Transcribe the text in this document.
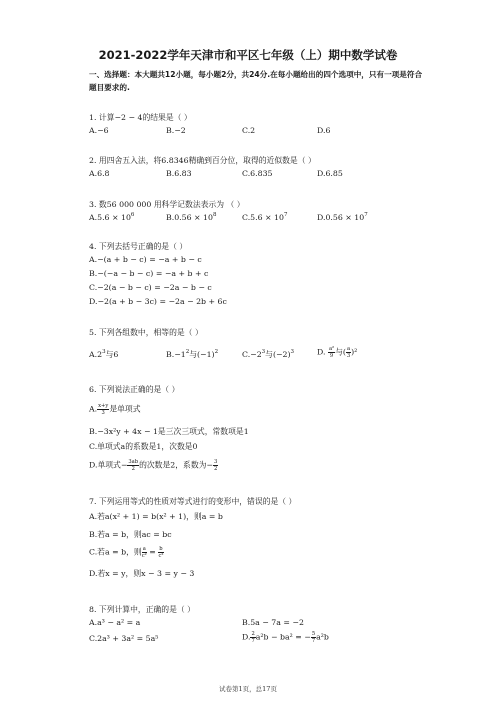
2021-2022学年天津市和平区七年级（上）期中数学试卷
一、选择题：本大题共12小题，每小题2分，共24分.在每小题给出的四个选项中，只有一项是符合题目要求的.
1. 计算−2 − 4的结果是（ ）
A.−6	B.−2	C.2	D.6
2. 用四舍五入法，将6.8346精确到百分位，取得的近似数是（ ）
A.6.8	B.6.83	C.6.835	D.6.85
3. 数56 000 000 用科学记数法表示为 （ ）
$A.5.6 \times 10^6$	$B.0.56 \times 10^8$	$C.5.6 \times 10^7$	$D.0.56 \times 10^7$
4. 下列去括号正确的是（ ）
A.−(a + b − c) = −a + b − c
B.−(−a − b − c) = −a + b + c
C.−2(a − b − c) = −2a − b − c
D.−2(a + b − 3c) = −2a − 2b + 6c
5. 下列各组数中，相等的是（ ）
$A.2^3$与6	$B.-1^2$与$(-1)^2$	$C.-2^3$与$(-2)^3$	D. $\frac{\text{a²}}{9}$ 与( $\frac{a}{3} )^2$
6. 下列说法正确的是（ ）
A. $\frac{x+y}{3}$ 是单项式
B.−3x²y + 4x − 1是三次三项式，常数项是1
C.单项式a的系数是1，次数是0
D.单项式− $\frac{3ab}{2}$ 的次数是2，系数为− $\frac{3}{2}$
7. 下列运用等式的性质对等式进行的变形中，错误的是（ ）
A.若a(x² + 1) = b(x² + 1)，则a = b
B.若a = b，则ac = bc
C.若a = b，则 $\frac{a}{\text{c²}} = \frac{b}{\text{c²}}$
D.若x = y，则x − 3 = y − 3
8. 下列计算中，正确的是（ ）
A.a³ − a² = a	B.5a − 7a = −2
C.2a³ + 3a² = 5a⁵	D. $\frac{2}{7} a^2b - ba^2$ = − $\frac{5}{7} a^2b$
试卷第1页，总17页
